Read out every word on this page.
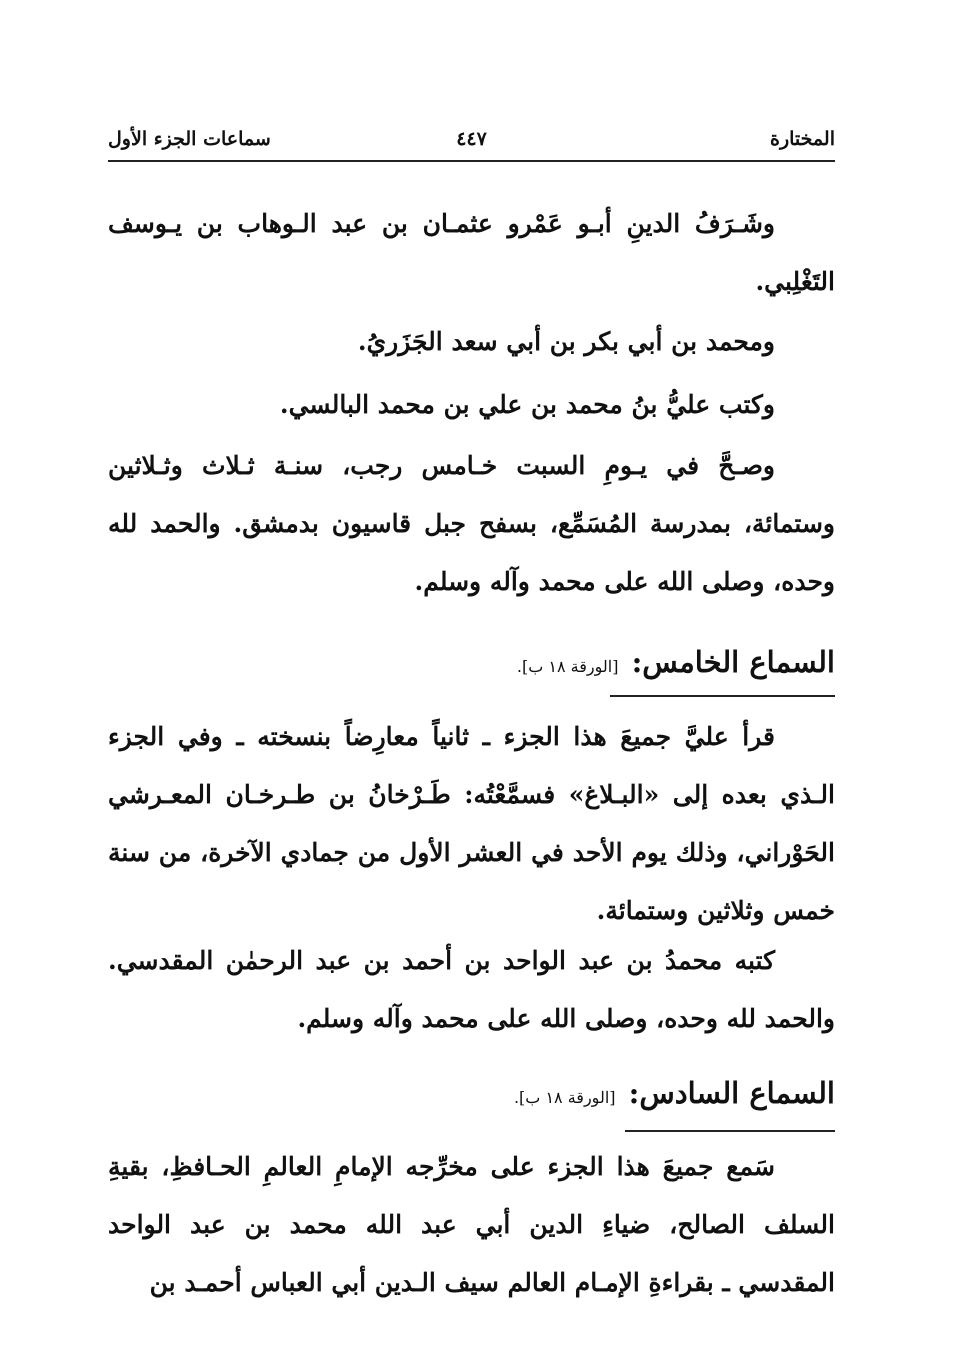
المختارة
٤٤٧
سماعات الجزء الأول
وشَـرَفُ الدينِ أبـو عَمْرو عثمـان بن عبد الـوهاب بن يـوسف التَغْلِبي.
ومحمد بن أبي بكر بن أبي سعد الجَزَريُ.
وكتب عليُّ بنُ محمد بن علي بن محمد البالسي.
وصـحَّ في يـومِ السبت خـامس رجب، سنـة ثـلاث وثـلاثين وستمائة، بمدرسة المُسَمِّع، بسفح جبل قاسيون بدمشق. والحمد لله وحده، وصلى الله على محمد وآله وسلم.
السماع الخامس: [الورقة ١٨ ب].
قرأ عليَّ جميعَ هذا الجزء ـ ثانياً معارِضاً بنسخته ـ وفي الجزء الـذي بعده إلى «البـلاغ» فسمَّعْتُه: طَـرْخانُ بن طـرخـان المعـرشي الحَوْراني، وذلك يوم الأحد في العشر الأول من جمادي الآخرة، من سنة خمس وثلاثين وستمائة.
كتبه محمدُ بن عبد الواحد بن أحمد بن عبد الرحمٰن المقدسي. والحمد لله وحده، وصلى الله على محمد وآله وسلم.
السماع السادس: [الورقة ١٨ ب].
سَمع جميعَ هذا الجزء على مخرِّجه الإمامِ العالمِ الحـافظِ، بقيةِ السلف الصالح، ضياءِ الدين أبي عبد الله محمد بن عبد الواحد المقدسي ـ بقراءةِ الإمـام العالم سيف الـدين أبي العباس أحمـد بن
